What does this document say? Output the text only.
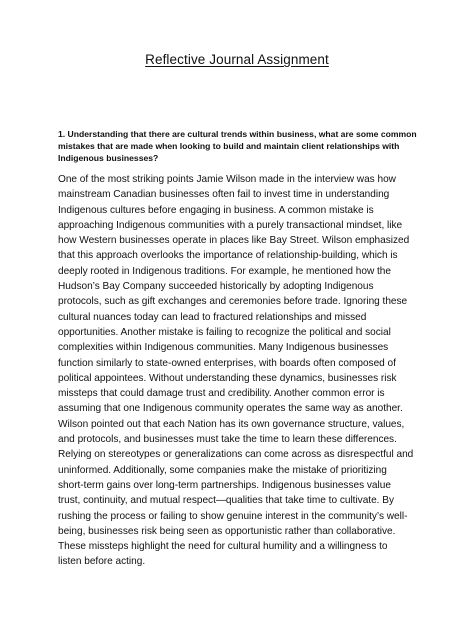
Reflective Journal Assignment
1. Understanding that there are cultural trends within business, what are some common mistakes that are made when looking to build and maintain client relationships with Indigenous businesses?
One of the most striking points Jamie Wilson made in the interview was how
mainstream Canadian businesses often fail to invest time in understanding
Indigenous cultures before engaging in business. A common mistake is
approaching Indigenous communities with a purely transactional mindset, like
how Western businesses operate in places like Bay Street. Wilson emphasized
that this approach overlooks the importance of relationship-building, which is
deeply rooted in Indigenous traditions. For example, he mentioned how the
Hudson’s Bay Company succeeded historically by adopting Indigenous
protocols, such as gift exchanges and ceremonies before trade. Ignoring these
cultural nuances today can lead to fractured relationships and missed
opportunities. Another mistake is failing to recognize the political and social
complexities within Indigenous communities. Many Indigenous businesses
function similarly to state-owned enterprises, with boards often composed of
political appointees. Without understanding these dynamics, businesses risk
missteps that could damage trust and credibility. Another common error is
assuming that one Indigenous community operates the same way as another.
Wilson pointed out that each Nation has its own governance structure, values,
and protocols, and businesses must take the time to learn these differences.
Relying on stereotypes or generalizations can come across as disrespectful and
uninformed. Additionally, some companies make the mistake of prioritizing
short-term gains over long-term partnerships. Indigenous businesses value
trust, continuity, and mutual respect—qualities that take time to cultivate. By
rushing the process or failing to show genuine interest in the community’s well-
being, businesses risk being seen as opportunistic rather than collaborative.
These missteps highlight the need for cultural humility and a willingness to
listen before acting.
